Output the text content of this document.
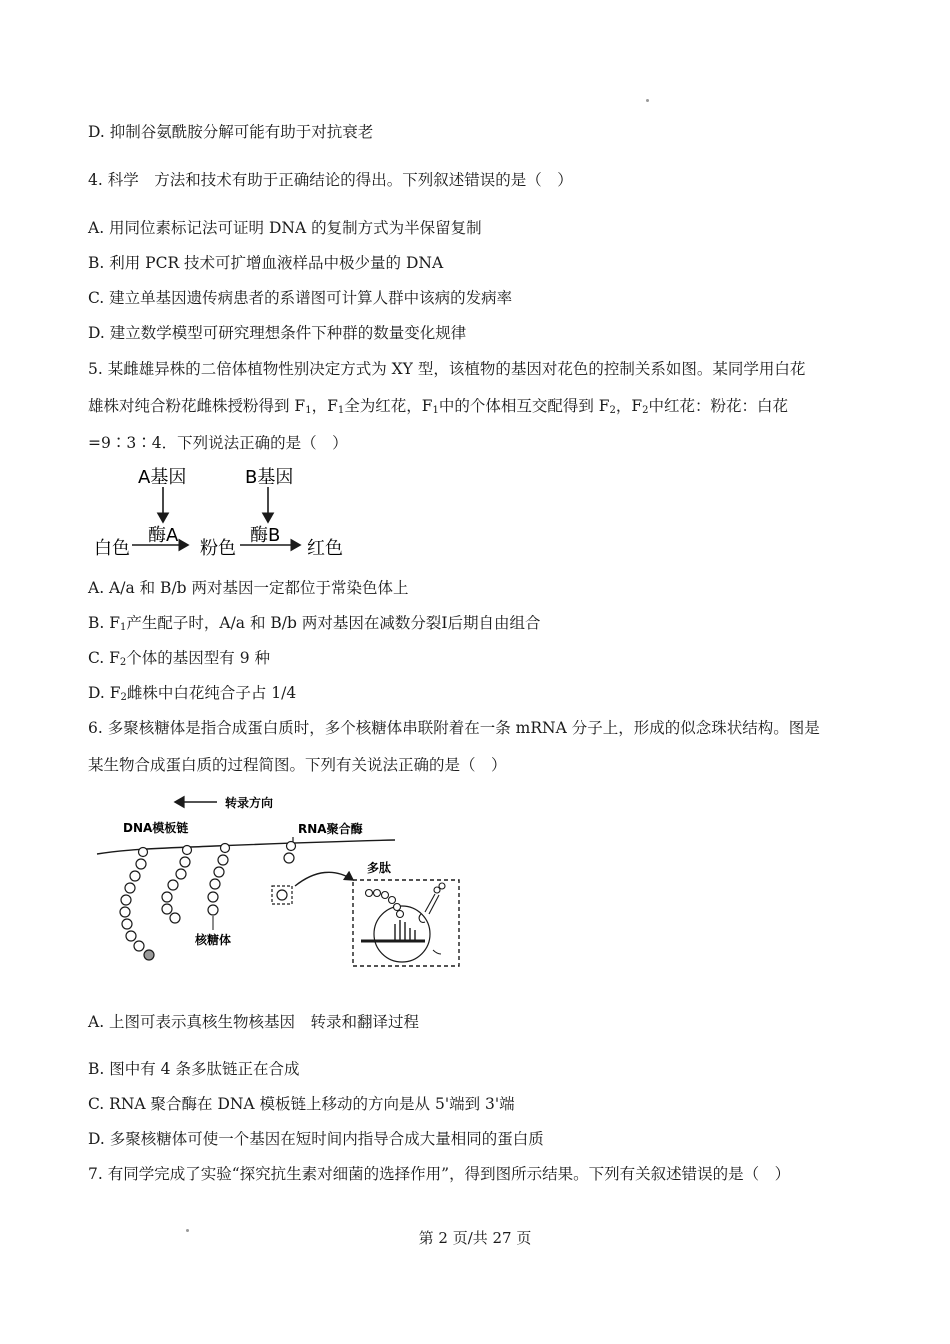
D. 抑制谷氨酰胺分解可能有助于对抗衰老
4. 科学　方法和技术有助于正确结论的得出。下列叙述错误的是（　）
A. 用同位素标记法可证明 DNA 的复制方式为半保留复制
B. 利用 PCR 技术可扩增血液样品中极少量的 DNA
C. 建立单基因遗传病患者的系谱图可计算人群中该病的发病率
D. 建立数学模型可研究理想条件下种群的数量变化规律
5. 某雌雄异株的二倍体植物性别决定方式为 XY 型，该植物的基因对花色的控制关系如图。某同学用白花
雄株对纯合粉花雌株授粉得到 $F_1$，$F_1$全为红花，$F_1$中的个体相互交配得到 $F_2$，$F_2$中红花：粉花：白花
=9∶3∶4．下列说法正确的是（　）
A基因	B基因
酶A	酶B
白色	粉色	红色
A. A/a 和 B/b 两对基因一定都位于常染色体上
B. $F_1$产生配子时，A/a 和 B/b 两对基因在减数分裂Ⅰ后期自由组合
C. $F_2$个体的基因型有 9 种
D. $F_2$雌株中白花纯合子占 1/4
6. 多聚核糖体是指合成蛋白质时，多个核糖体串联附着在一条 mRNA 分子上，形成的似念珠状结构。图是
某生物合成蛋白质的过程简图。下列有关说法正确的是（　）
转录方向
DNA模板链	RNA聚合酶
核糖体
多肽
A. 上图可表示真核生物核基因　转录和翻译过程
B. 图中有 4 条多肽链正在合成
C. RNA 聚合酶在 DNA 模板链上移动的方向是从 5'端到 3'端
D. 多聚核糖体可使一个基因在短时间内指导合成大量相同的蛋白质
7. 有同学完成了实验“探究抗生素对细菌的选择作用”，得到图所示结果。下列有关叙述错误的是（　）
第 2 页/共 27 页
